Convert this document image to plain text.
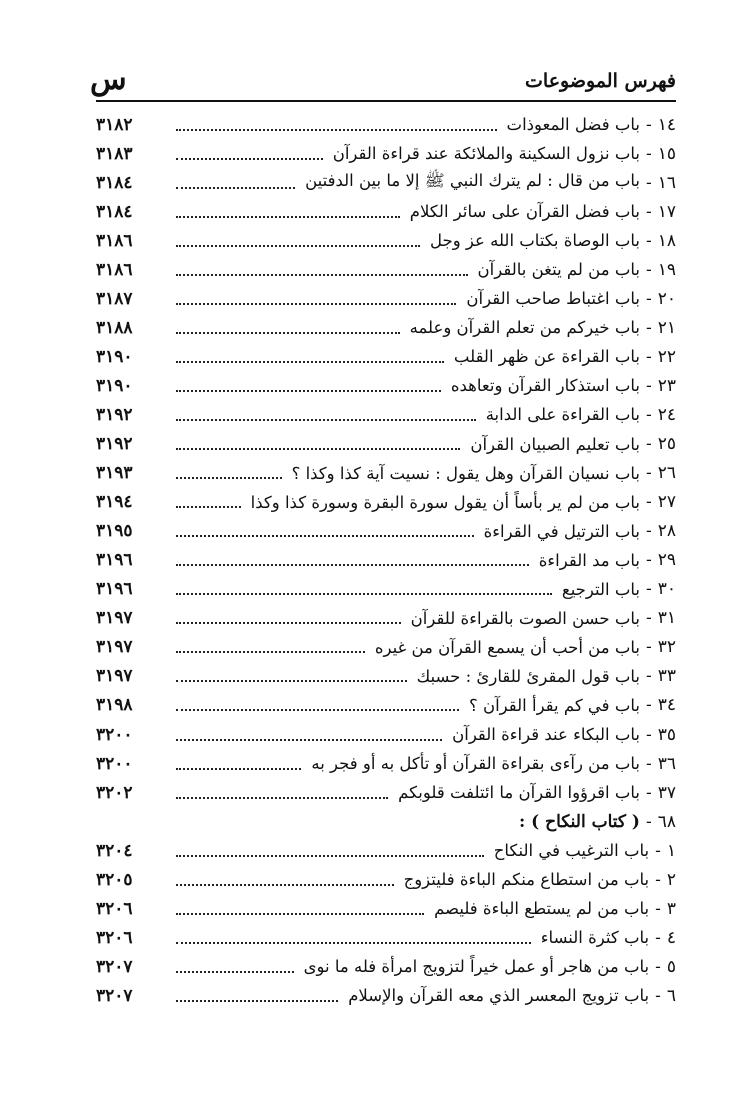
فهرس الموضوعات
س
١٤
-
باب فضل المعوذات
٣١٨٢
١٥
-
باب نزول السكينة والملائكة عند قراءة القرآن
٣١٨٣
١٦
-
باب من قال : لم يترك النبي ﷺ إلا ما بين الدفتين
٣١٨٤
١٧
-
باب فضل القرآن على سائر الكلام
٣١٨٤
١٨
-
باب الوصاة بكتاب الله عز وجل
٣١٨٦
١٩
-
باب من لم يتغن بالقرآن
٣١٨٦
٢٠
-
باب اغتباط صاحب القرآن
٣١٨٧
٢١
-
باب خيركم من تعلم القرآن وعلمه
٣١٨٨
٢٢
-
باب القراءة عن ظهر القلب
٣١٩٠
٢٣
-
باب استذكار القرآن وتعاهده
٣١٩٠
٢٤
-
باب القراءة على الدابة
٣١٩٢
٢٥
-
باب تعليم الصبيان القرآن
٣١٩٢
٢٦
-
باب نسيان القرآن وهل يقول : نسيت آية كذا وكذا ؟
٣١٩٣
٢٧
-
باب من لم ير بأساً أن يقول سورة البقرة وسورة كذا وكذا
٣١٩٤
٢٨
-
باب الترتيل في القراءة
٣١٩٥
٢٩
-
باب مد القراءة
٣١٩٦
٣٠
-
باب الترجيع
٣١٩٦
٣١
-
باب حسن الصوت بالقراءة للقرآن
٣١٩٧
٣٢
-
باب من أحب أن يسمع القرآن من غيره
٣١٩٧
٣٣
-
باب قول المقرئ للقارئ : حسبك
٣١٩٧
٣٤
-
باب في كم يقرأ القرآن ؟
٣١٩٨
٣٥
-
باب البكاء عند قراءة القرآن
٣٢٠٠
٣٦
-
باب من رآءى بقراءة القرآن أو تأكل به أو فجر به
٣٢٠٠
٣٧
-
باب اقرؤوا القرآن ما ائتلفت قلوبكم
٣٢٠٢
٦٨
-
( كتاب النكاح ) :
١
-
باب الترغيب في النكاح
٣٢٠٤
٢
-
باب من استطاع منكم الباءة فليتزوج
٣٢٠٥
٣
-
باب من لم يستطع الباءة فليصم
٣٢٠٦
٤
-
باب كثرة النساء
٣٢٠٦
٥
-
باب من هاجر أو عمل خيراً لتزويج امرأة فله ما نوى
٣٢٠٧
٦
-
باب تزويج المعسر الذي معه القرآن والإسلام
٣٢٠٧
